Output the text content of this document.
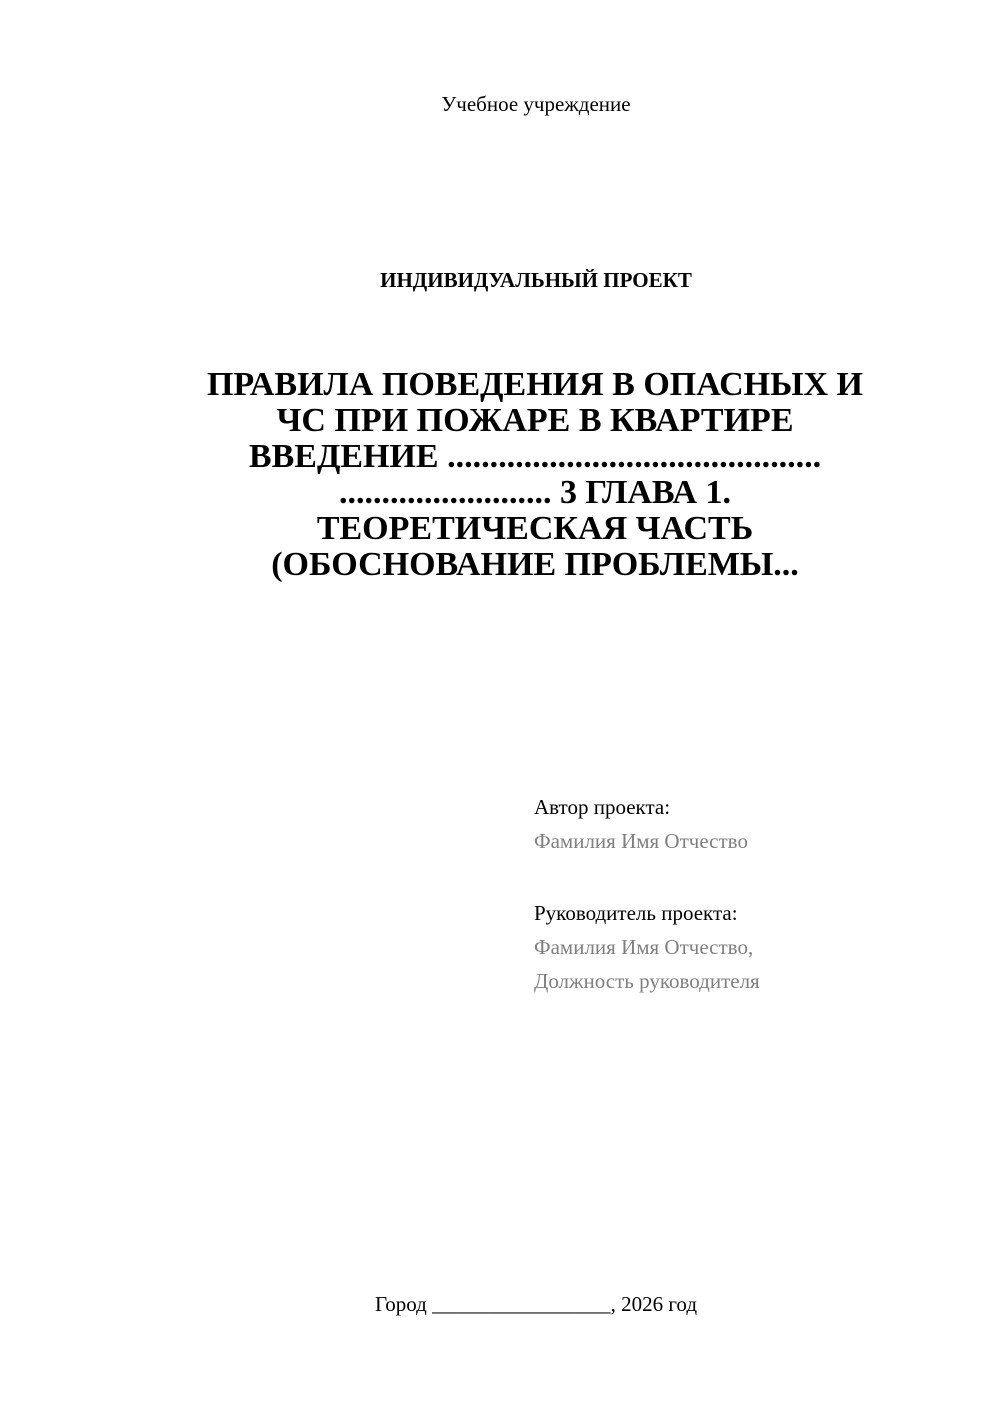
Учебное учреждение
ИНДИВИДУАЛЬНЫЙ ПРОЕКТ
ПРАВИЛА ПОВЕДЕНИЯ В ОПАСНЫХ И
ЧС ПРИ ПОЖАРЕ В КВАРТИРЕ
ВВЕДЕНИЕ ............................................
......................... 3 ГЛАВА 1.
ТЕОРЕТИЧЕСКАЯ ЧАСТЬ
(ОБОСНОВАНИЕ ПРОБЛЕМЫ...
Автор проекта:
Фамилия Имя Отчество
Руководитель проекта:
Фамилия Имя Отчество,
Должность руководителя
Город _________________, 2026 год
